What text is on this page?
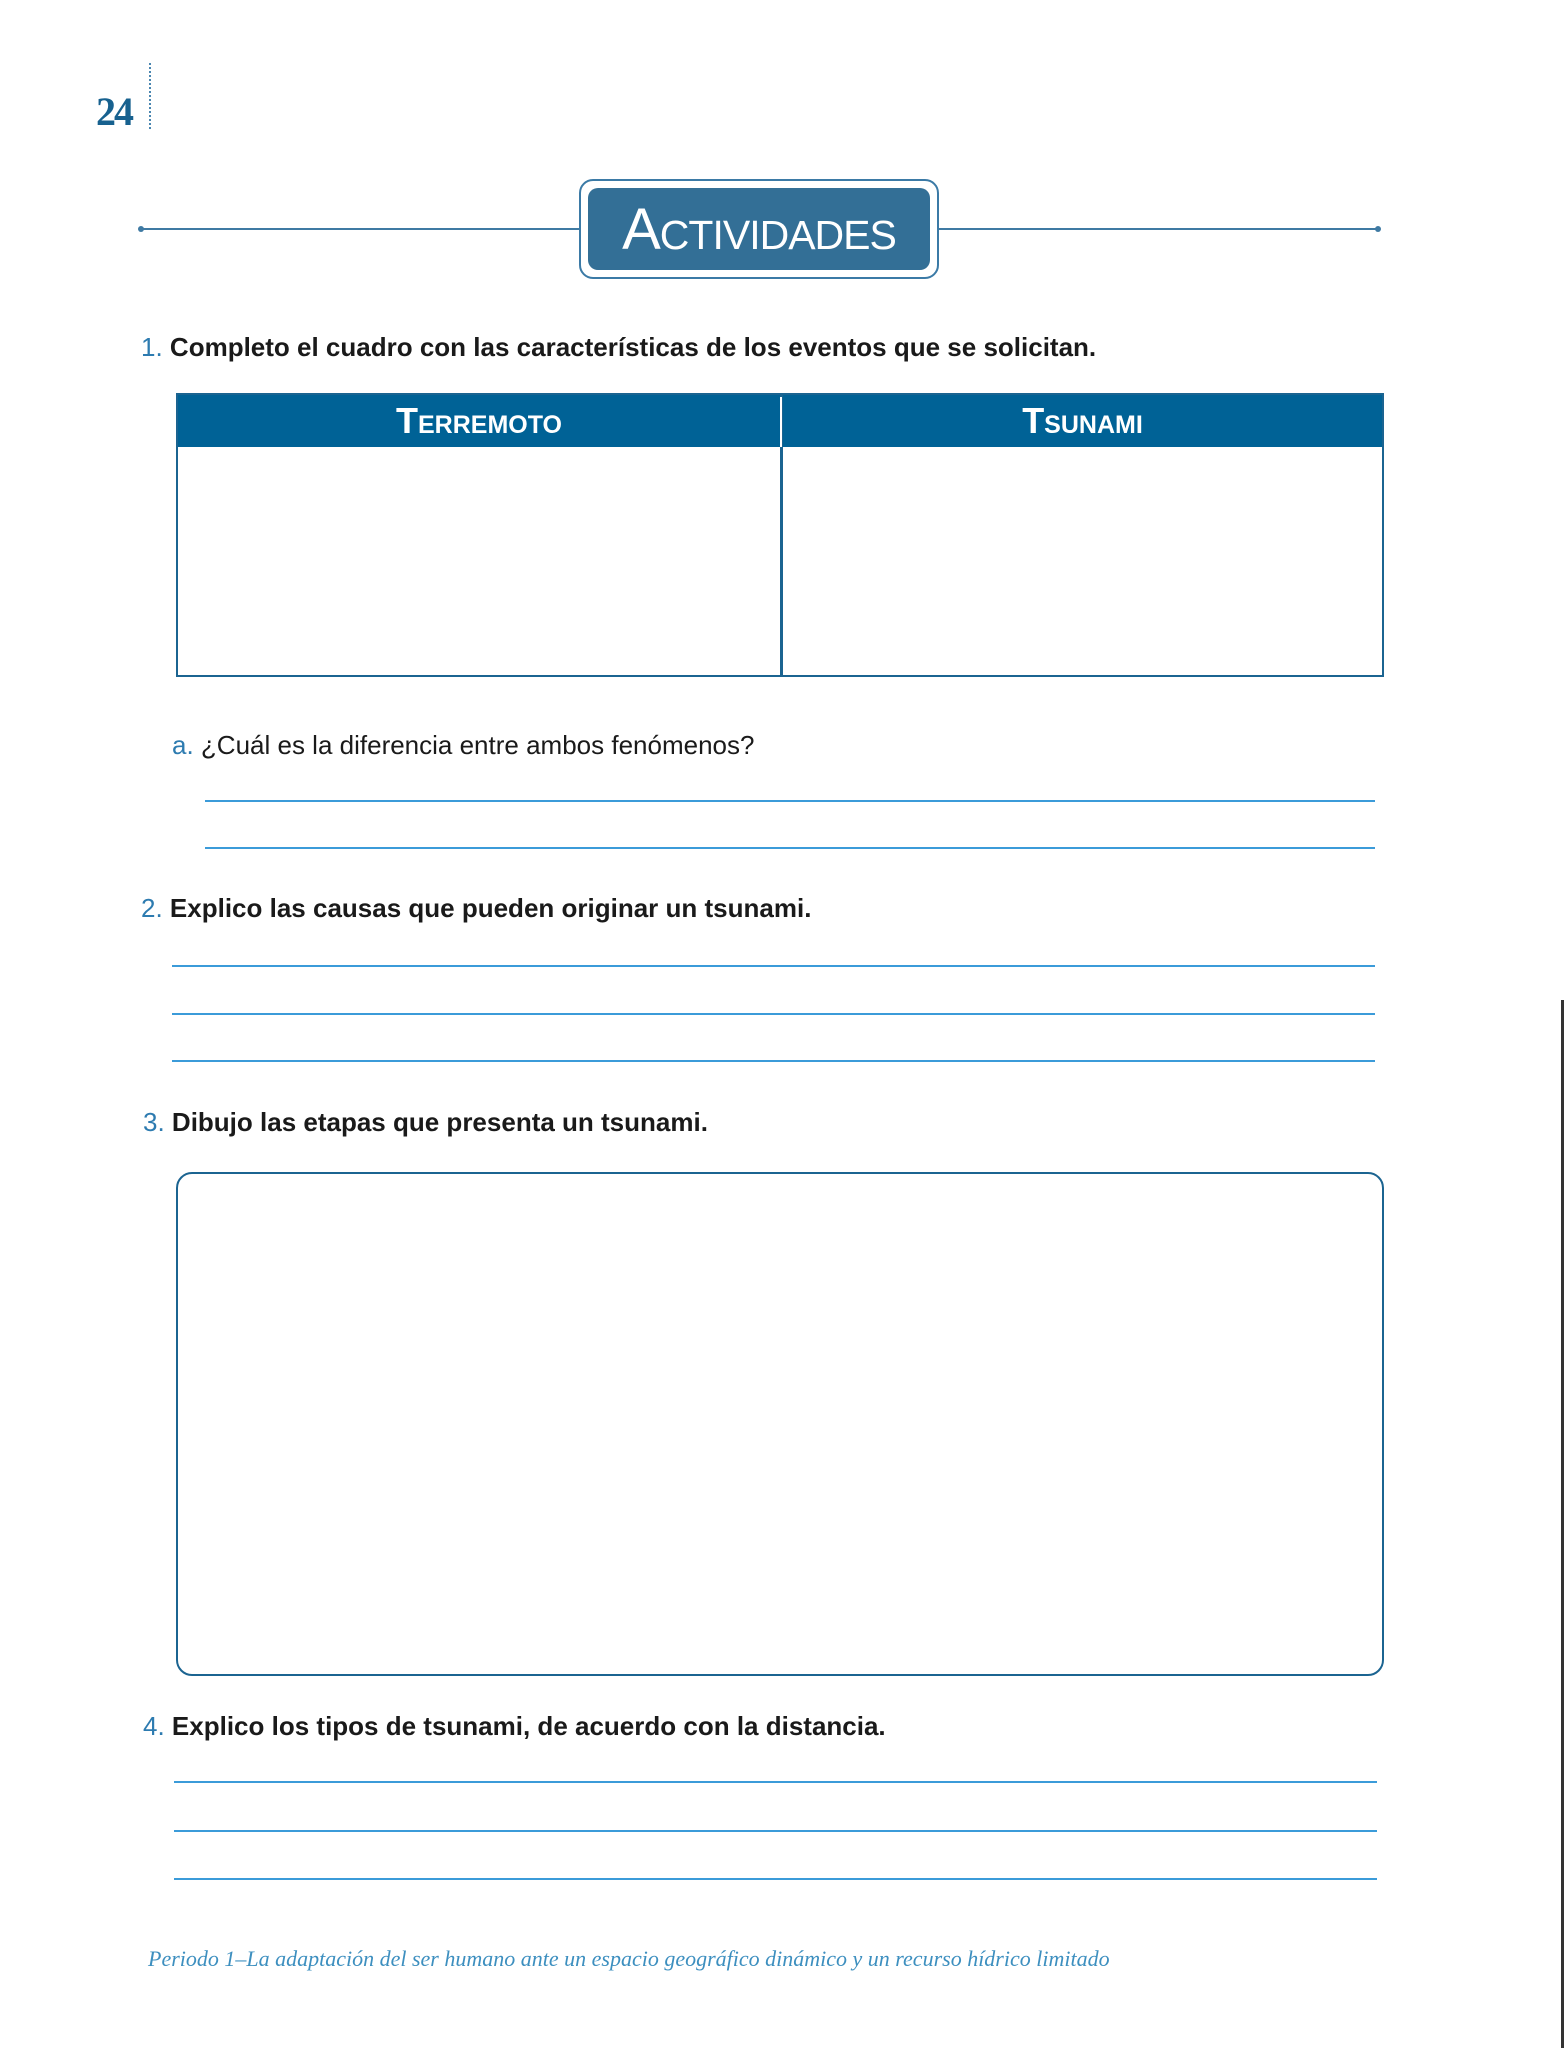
24
Actividades
1. Completo el cuadro con las características de los eventos que se solicitan.
Terremoto	Tsunami
a. ¿Cuál es la diferencia entre ambos fenómenos?
2. Explico las causas que pueden originar un tsunami.
3. Dibujo las etapas que presenta un tsunami.
4. Explico los tipos de tsunami, de acuerdo con la distancia.
Periodo 1–La adaptación del ser humano ante un espacio geográfico dinámico y un recurso hídrico limitado
